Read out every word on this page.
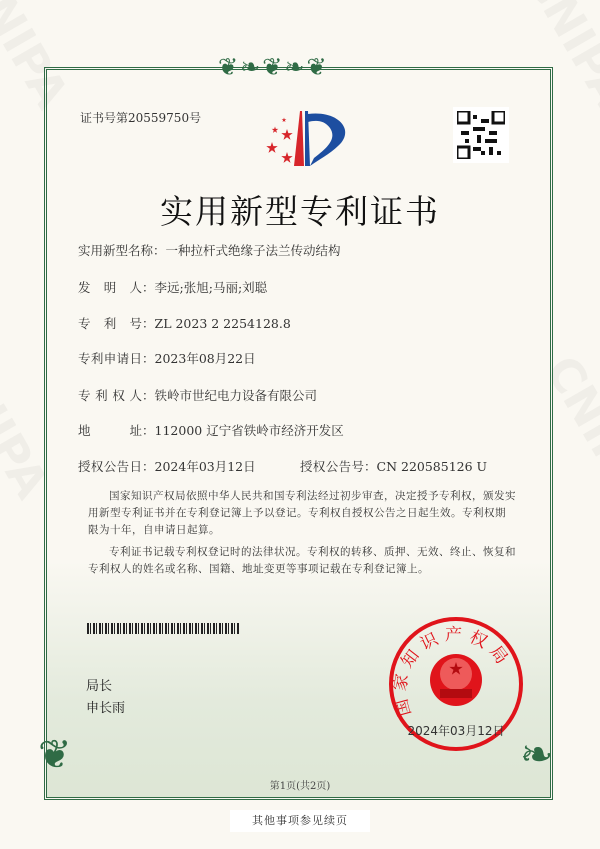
❦❧❦❧❦
❦	❧
证书号第20559750号
实用新型专利证书
实用新型名称 ： 一种拉杆式绝缘子法兰传动结构
发明人 ： 李远;张旭;马丽;刘聪
专利号 ： ZL 2023 2 2254128.8
专利申请日 ： 2023年08月22日
专利权人 ： 铁岭市世纪电力设备有限公司
地址 ： 112000 辽宁省铁岭市经济开发区
授权公告日 ： 2024年03月12日	授权公告号 ： CN 220585126 U
国家知识产权局依照中华人民共和国专利法经过初步审查，决定授予专利权，颁发实用新型专利证书并在专利登记簿上予以登记。专利权自授权公告之日起生效。专利权期限为十年，自申请日起算。
专利证书记载专利权登记时的法律状况。专利权的转移、质押、无效、终止、恢复和专利权人的姓名或名称、国籍、地址变更等事项记载在专利登记簿上。
局长
申长雨	国家知识产权局
2024年03月12日
第1页(共2页)
其他事项参见续页
